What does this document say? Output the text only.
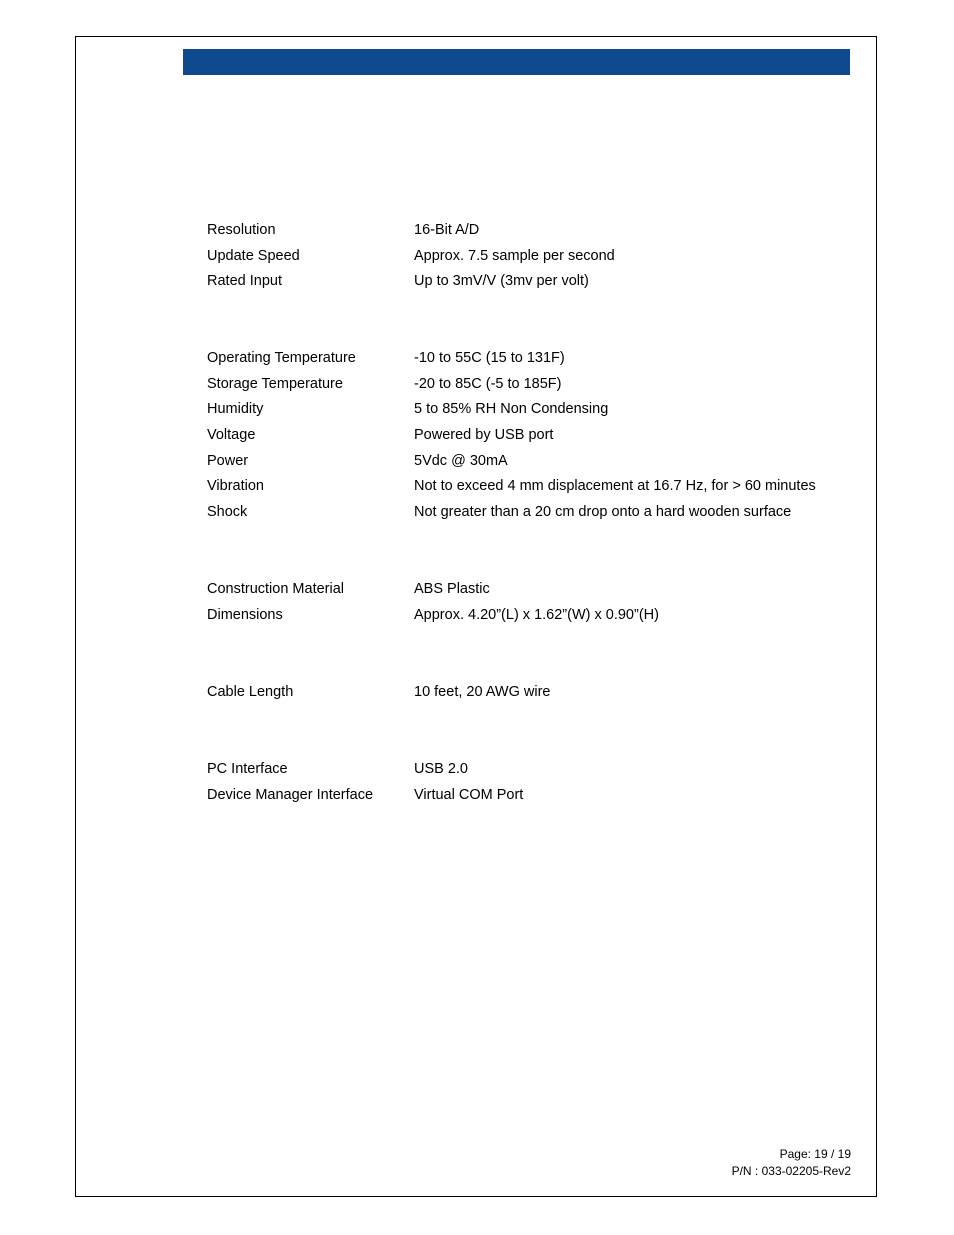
Resolution	16-Bit A/D
Update Speed	Approx. 7.5 sample per second
Rated Input	Up to 3mV/V (3mv per volt)
Operating Temperature	-10 to 55C (15 to 131F)
Storage Temperature	-20 to 85C (-5 to 185F)
Humidity	5 to 85% RH Non Condensing
Voltage	Powered by USB port
Power	5Vdc @ 30mA
Vibration	Not to exceed 4 mm displacement at 16.7 Hz, for > 60 minutes
Shock	Not greater than a 20 cm drop onto a hard wooden surface
Construction Material	ABS Plastic
Dimensions	Approx. 4.20”(L) x 1.62”(W) x 0.90”(H)
Cable Length	10 feet, 20 AWG wire
PC Interface	USB 2.0
Device Manager Interface	Virtual COM Port
Page: 19 / 19
P/N : 033-02205-Rev2
